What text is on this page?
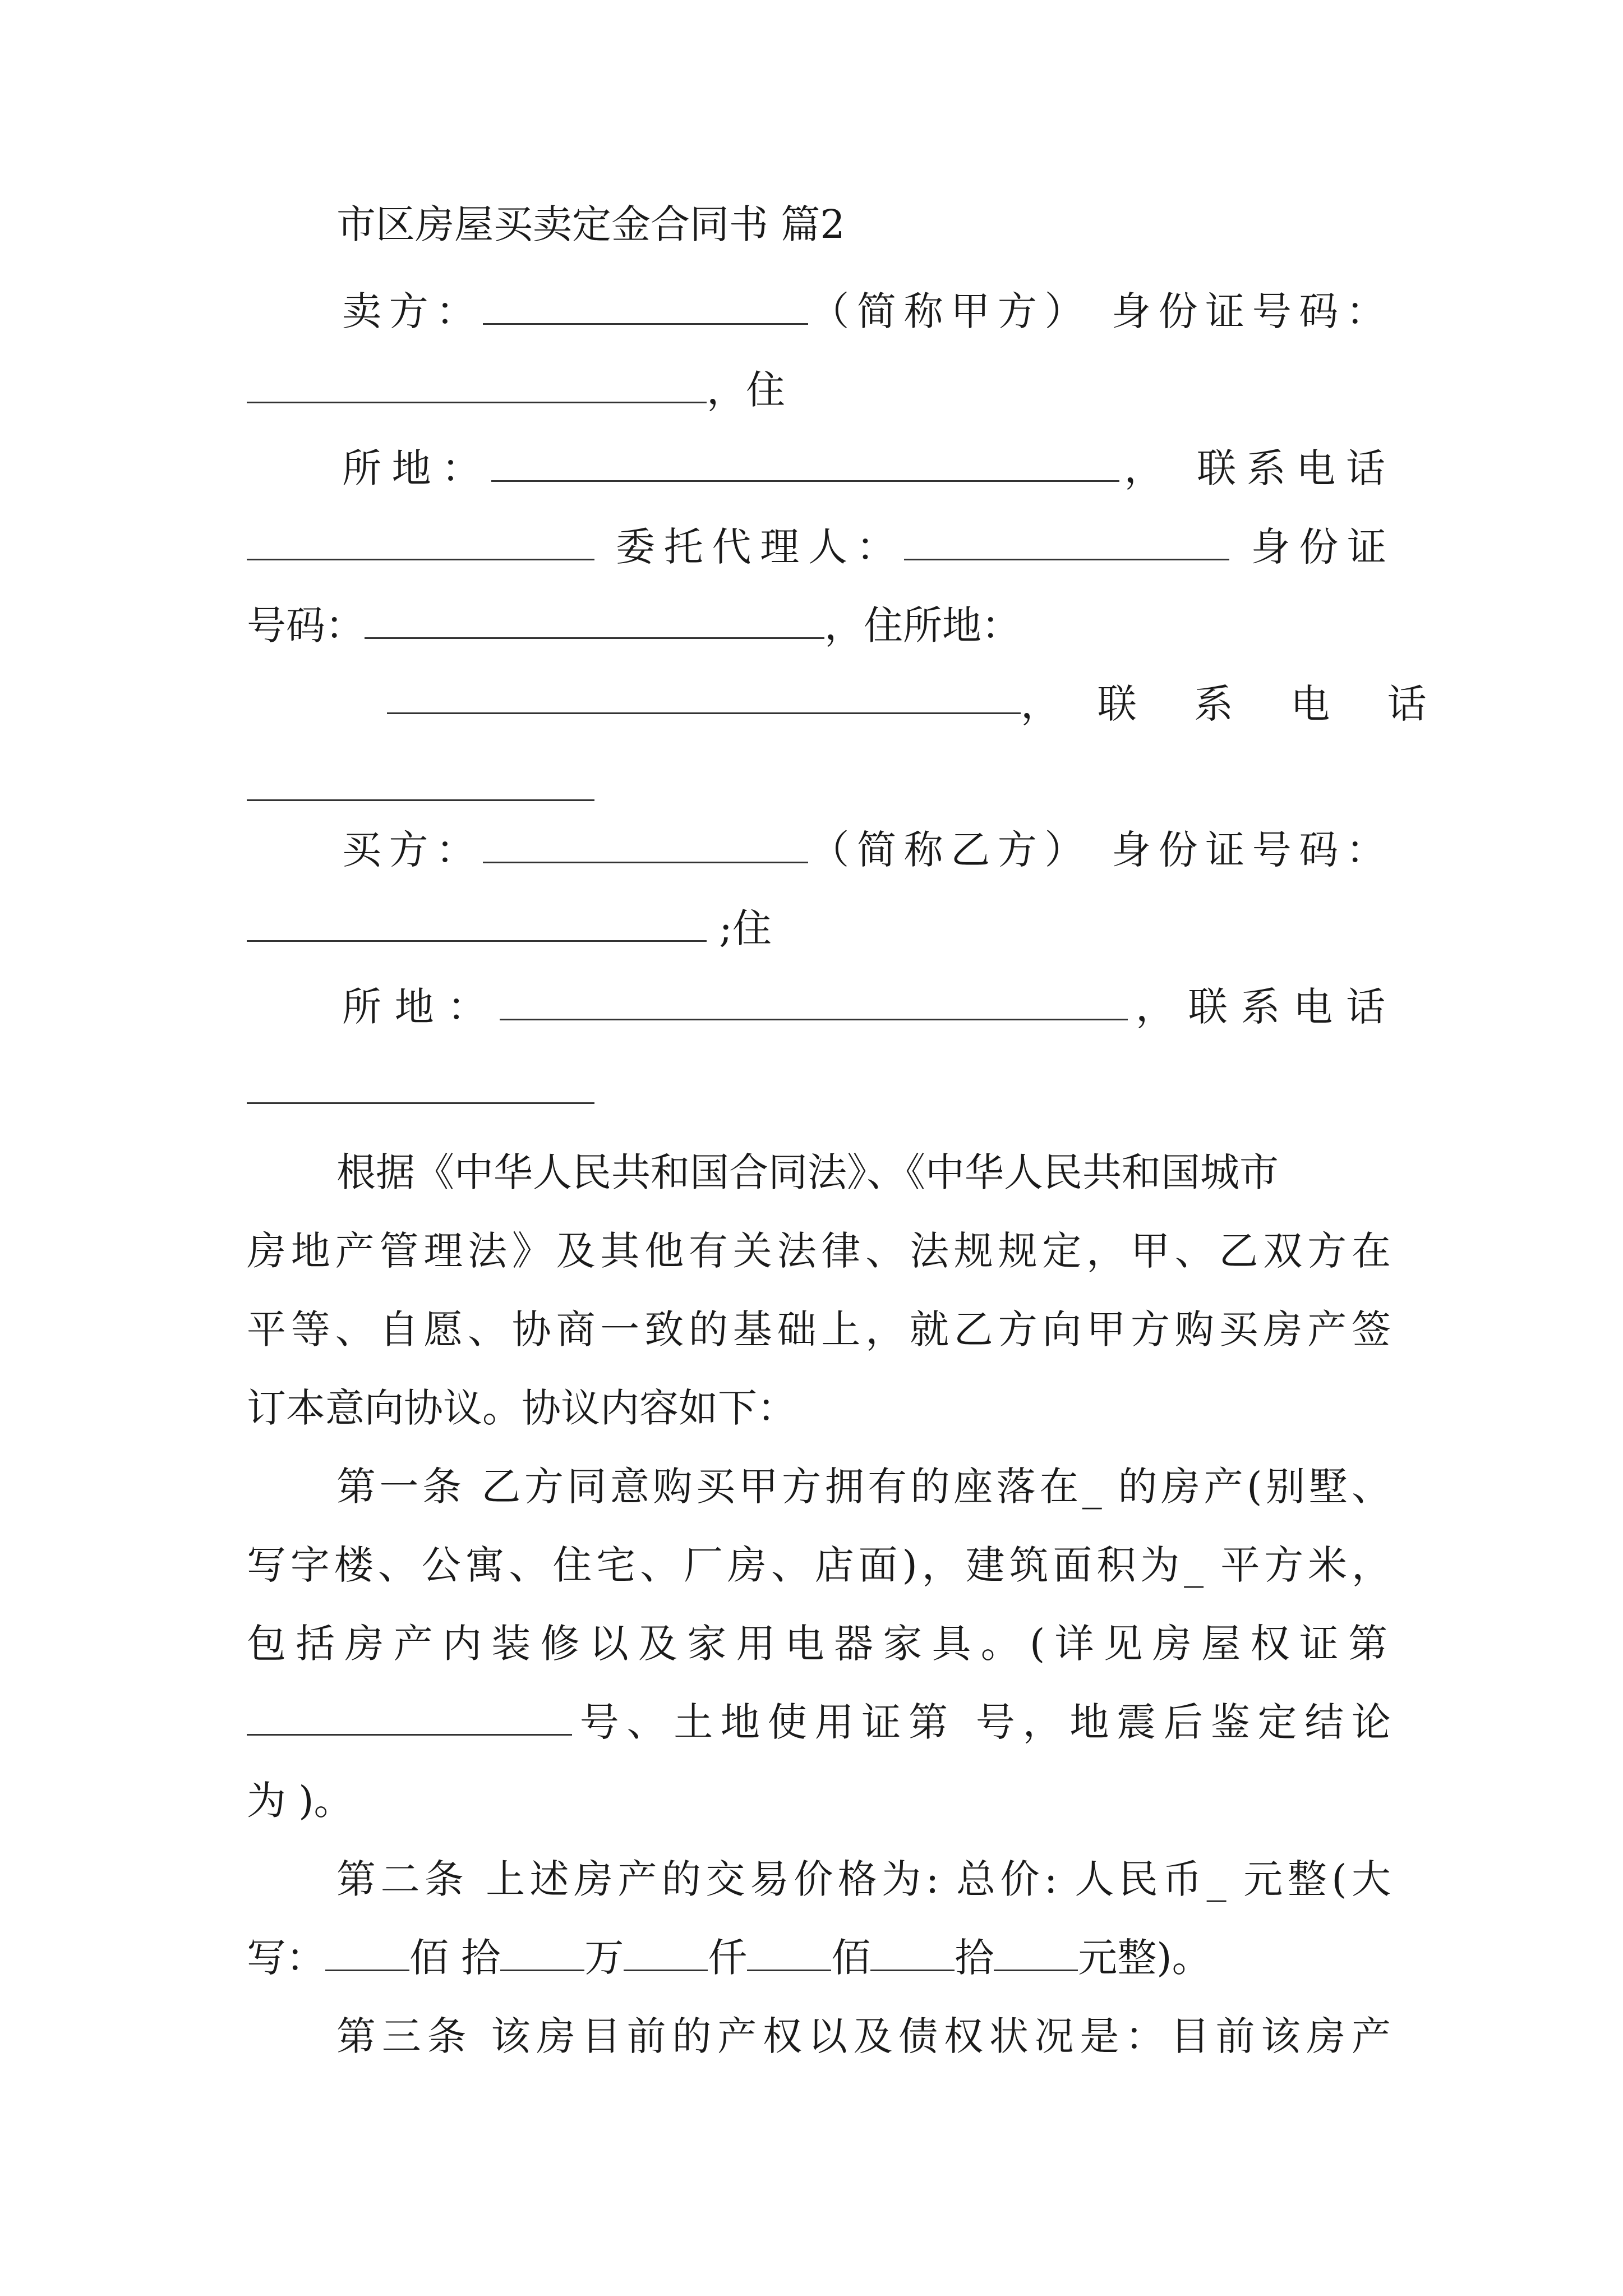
市区房屋买卖定金合同书 篇2
卖方：	（简称甲方） 身份证号码：
，住
所地：	， 联系电话
委托代理人：	身份证
号码：	，住所地：
， 联 系 电 话
买方：	（简称乙方） 身份证号码：
;住
所地：	，联系电话
根据《中华人民共和国合同法》、《中华人民共和国城市
房地产管理法》及其他有关法律、法规规定，甲、乙双方在
平等、自愿、协商一致的基础上，就乙方向甲方购买房产签
订本意向协议。协议内容如下：
第一条 乙方同意购买甲方拥有的座落在_ 的房产(别墅、
写字楼、公寓、住宅、厂房、店面)，建筑面积为_ 平方米，
包括房产内装修以及家用电器家具。(详见房屋权证第
号、土地使用证第 号，地震后鉴定结论
为 )。
第二条 上述房产的交易价格为: 总价: 人民币_ 元整(大
写： 佰 拾 万 仟 佰 拾 元整)。
第三条 该房目前的产权以及债权状况是：目前该房产
